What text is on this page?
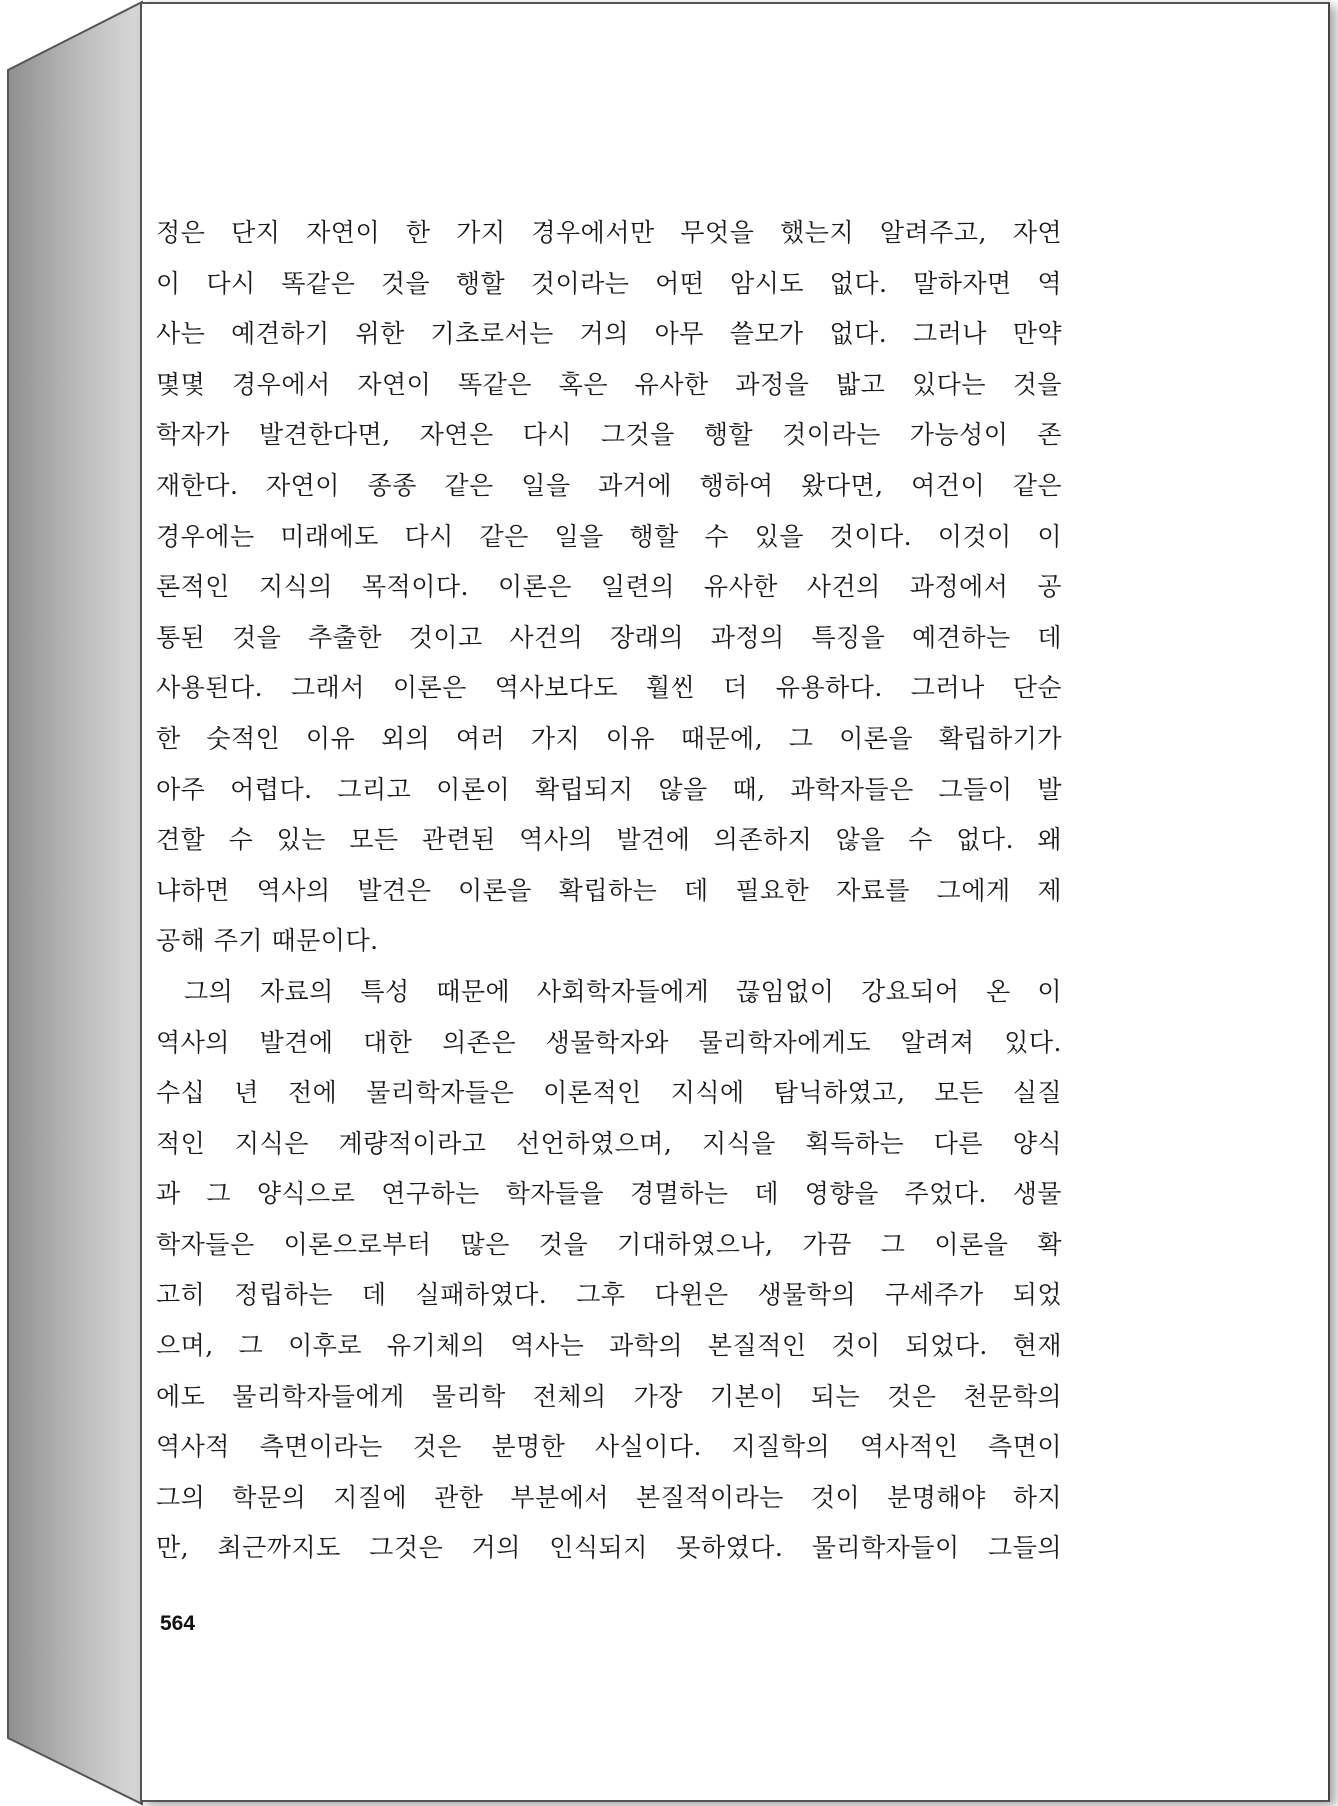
정은 단지 자연이 한 가지 경우에서만 무엇을 했는지 알려주고, 자연
이 다시 똑같은 것을 행할 것이라는 어떤 암시도 없다. 말하자면 역
사는 예견하기 위한 기초로서는 거의 아무 쓸모가 없다. 그러나 만약
몇몇 경우에서 자연이 똑같은 혹은 유사한 과정을 밟고 있다는 것을
학자가 발견한다면, 자연은 다시 그것을 행할 것이라는 가능성이 존
재한다. 자연이 종종 같은 일을 과거에 행하여 왔다면, 여건이 같은
경우에는 미래에도 다시 같은 일을 행할 수 있을 것이다. 이것이 이
론적인 지식의 목적이다. 이론은 일련의 유사한 사건의 과정에서 공
통된 것을 추출한 것이고 사건의 장래의 과정의 특징을 예견하는 데
사용된다. 그래서 이론은 역사보다도 훨씬 더 유용하다. 그러나 단순
한 숫적인 이유 외의 여러 가지 이유 때문에, 그 이론을 확립하기가
아주 어렵다. 그리고 이론이 확립되지 않을 때, 과학자들은 그들이 발
견할 수 있는 모든 관련된 역사의 발견에 의존하지 않을 수 없다. 왜
냐하면 역사의 발견은 이론을 확립하는 데 필요한 자료를 그에게 제
공해 주기 때문이다.
그의 자료의 특성 때문에 사회학자들에게 끊임없이 강요되어 온 이
역사의 발견에 대한 의존은 생물학자와 물리학자에게도 알려져 있다.
수십 년 전에 물리학자들은 이론적인 지식에 탐닉하였고, 모든 실질
적인 지식은 계량적이라고 선언하였으며, 지식을 획득하는 다른 양식
과 그 양식으로 연구하는 학자들을 경멸하는 데 영향을 주었다. 생물
학자들은 이론으로부터 많은 것을 기대하였으나, 가끔 그 이론을 확
고히 정립하는 데 실패하였다. 그후 다윈은 생물학의 구세주가 되었
으며, 그 이후로 유기체의 역사는 과학의 본질적인 것이 되었다. 현재
에도 물리학자들에게 물리학 전체의 가장 기본이 되는 것은 천문학의
역사적 측면이라는 것은 분명한 사실이다. 지질학의 역사적인 측면이
그의 학문의 지질에 관한 부분에서 본질적이라는 것이 분명해야 하지
만, 최근까지도 그것은 거의 인식되지 못하였다. 물리학자들이 그들의
564
